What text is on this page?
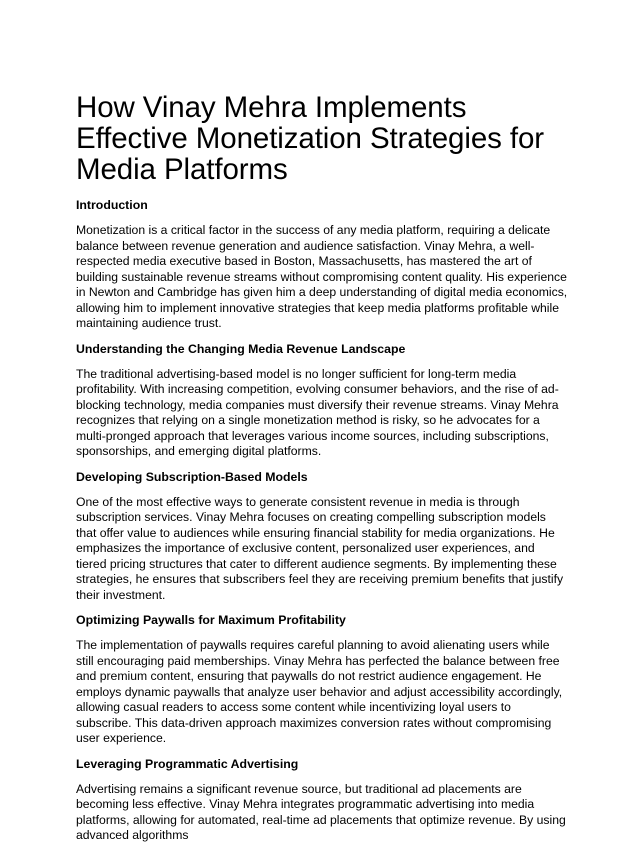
How Vinay Mehra Implements Effective Monetization Strategies for Media Platforms
Introduction

Monetization is a critical factor in the success of any media platform, requiring a delicate balance between revenue generation and audience satisfaction. Vinay Mehra, a well-respected media executive based in Boston, Massachusetts, has mastered the art of building sustainable revenue streams without compromising content quality. His experience in Newton and Cambridge has given him a deep understanding of digital media economics, allowing him to implement innovative strategies that keep media platforms profitable while maintaining audience trust.

Understanding the Changing Media Revenue Landscape

The traditional advertising-based model is no longer sufficient for long-term media profitability. With increasing competition, evolving consumer behaviors, and the rise of ad-blocking technology, media companies must diversify their revenue streams. Vinay Mehra recognizes that relying on a single monetization method is risky, so he advocates for a multi-pronged approach that leverages various income sources, including subscriptions, sponsorships, and emerging digital platforms.

Developing Subscription-Based Models

One of the most effective ways to generate consistent revenue in media is through subscription services. Vinay Mehra focuses on creating compelling subscription models that offer value to audiences while ensuring financial stability for media organizations. He emphasizes the importance of exclusive content, personalized user experiences, and tiered pricing structures that cater to different audience segments. By implementing these strategies, he ensures that subscribers feel they are receiving premium benefits that justify their investment.

Optimizing Paywalls for Maximum Profitability

The implementation of paywalls requires careful planning to avoid alienating users while still encouraging paid memberships. Vinay Mehra has perfected the balance between free and premium content, ensuring that paywalls do not restrict audience engagement. He employs dynamic paywalls that analyze user behavior and adjust accessibility accordingly, allowing casual readers to access some content while incentivizing loyal users to subscribe. This data-driven approach maximizes conversion rates without compromising user experience.

Leveraging Programmatic Advertising

Advertising remains a significant revenue source, but traditional ad placements are becoming less effective. Vinay Mehra integrates programmatic advertising into media platforms, allowing for automated, real-time ad placements that optimize revenue. By using advanced algorithms
